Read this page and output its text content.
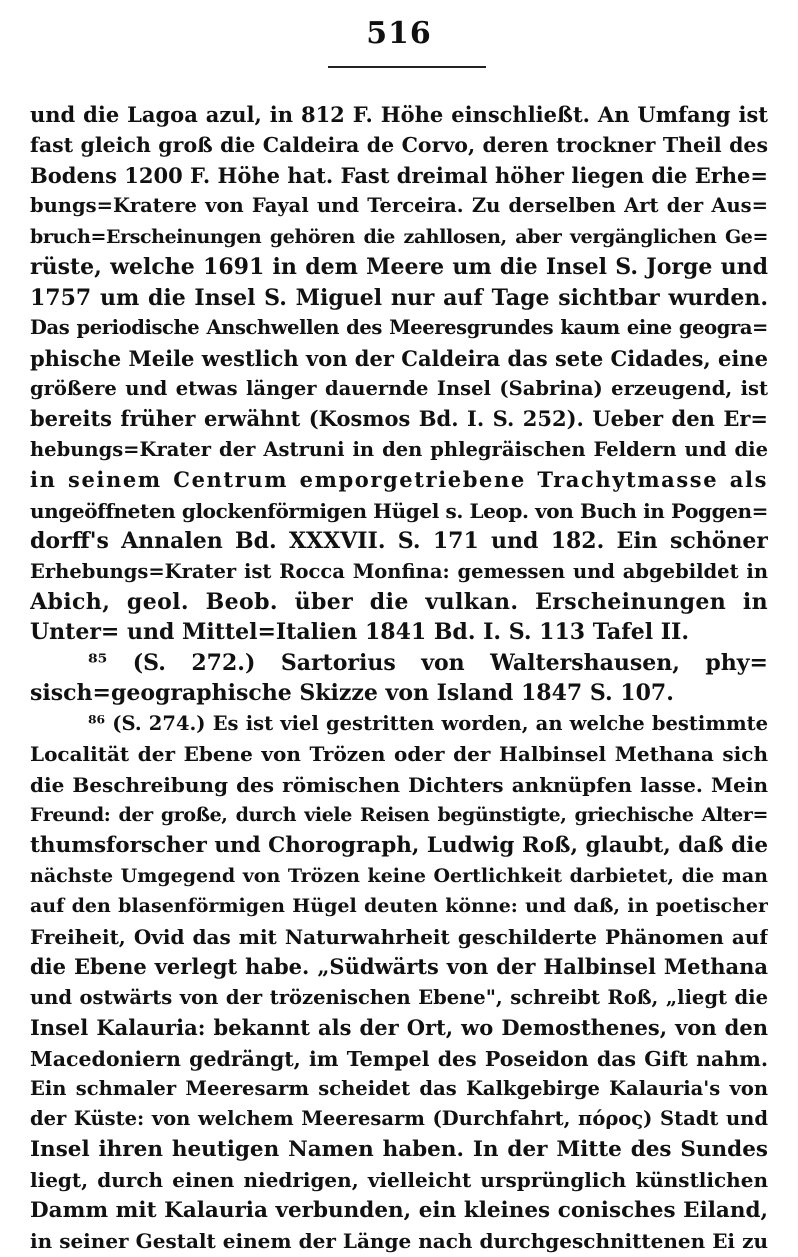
516
und die Lagoa azul, in 812 F. Höhe einschließt. An Umfang ist
fast gleich groß die Caldeira de Corvo, deren trockner Theil des
Bodens 1200 F. Höhe hat. Fast dreimal höher liegen die Erhe=
bungs=Kratere von Fayal und Terceira. Zu derselben Art der Aus=
bruch=Erscheinungen gehören die zahllosen, aber vergänglichen Ge=
rüste, welche 1691 in dem Meere um die Insel S. Jorge und
1757 um die Insel S. Miguel nur auf Tage sichtbar wurden.
Das periodische Anschwellen des Meeresgrundes kaum eine geogra=
phische Meile westlich von der Caldeira das sete Cidades, eine
größere und etwas länger dauernde Insel (Sabrina) erzeugend, ist
bereits früher erwähnt (Kosmos Bd. I. S. 252). Ueber den Er=
hebungs=Krater der Astruni in den phlegräischen Feldern und die
in seinem Centrum emporgetriebene Trachytmasse als
ungeöffneten glockenförmigen Hügel s. Leop. von Buch in Poggen=
dorff's Annalen Bd. XXXVII. S. 171 und 182. Ein schöner
Erhebungs=Krater ist Rocca Monfina: gemessen und abgebildet in
Abich, geol. Beob. über die vulkan. Erscheinungen in
Unter= und Mittel=Italien 1841 Bd. I. S. 113 Tafel II.
⁸⁵ (S. 272.) Sartorius von Waltershausen, phy=
sisch=geographische Skizze von Island 1847 S. 107.
⁸⁶ (S. 274.) Es ist viel gestritten worden, an welche bestimmte
Localität der Ebene von Trözen oder der Halbinsel Methana sich
die Beschreibung des römischen Dichters anknüpfen lasse. Mein
Freund: der große, durch viele Reisen begünstigte, griechische Alter=
thumsforscher und Chorograph, Ludwig Roß, glaubt, daß die
nächste Umgegend von Trözen keine Oertlichkeit darbietet, die man
auf den blasenförmigen Hügel deuten könne: und daß, in poetischer
Freiheit, Ovid das mit Naturwahrheit geschilderte Phänomen auf
die Ebene verlegt habe. „Südwärts von der Halbinsel Methana
und ostwärts von der trözenischen Ebene", schreibt Roß, „liegt die
Insel Kalauria: bekannt als der Ort, wo Demosthenes, von den
Macedoniern gedrängt, im Tempel des Poseidon das Gift nahm.
Ein schmaler Meeresarm scheidet das Kalkgebirge Kalauria's von
der Küste: von welchem Meeresarm (Durchfahrt, πόρος) Stadt und
Insel ihren heutigen Namen haben. In der Mitte des Sundes
liegt, durch einen niedrigen, vielleicht ursprünglich künstlichen
Damm mit Kalauria verbunden, ein kleines conisches Eiland,
in seiner Gestalt einem der Länge nach durchgeschnittenen Ei zu
